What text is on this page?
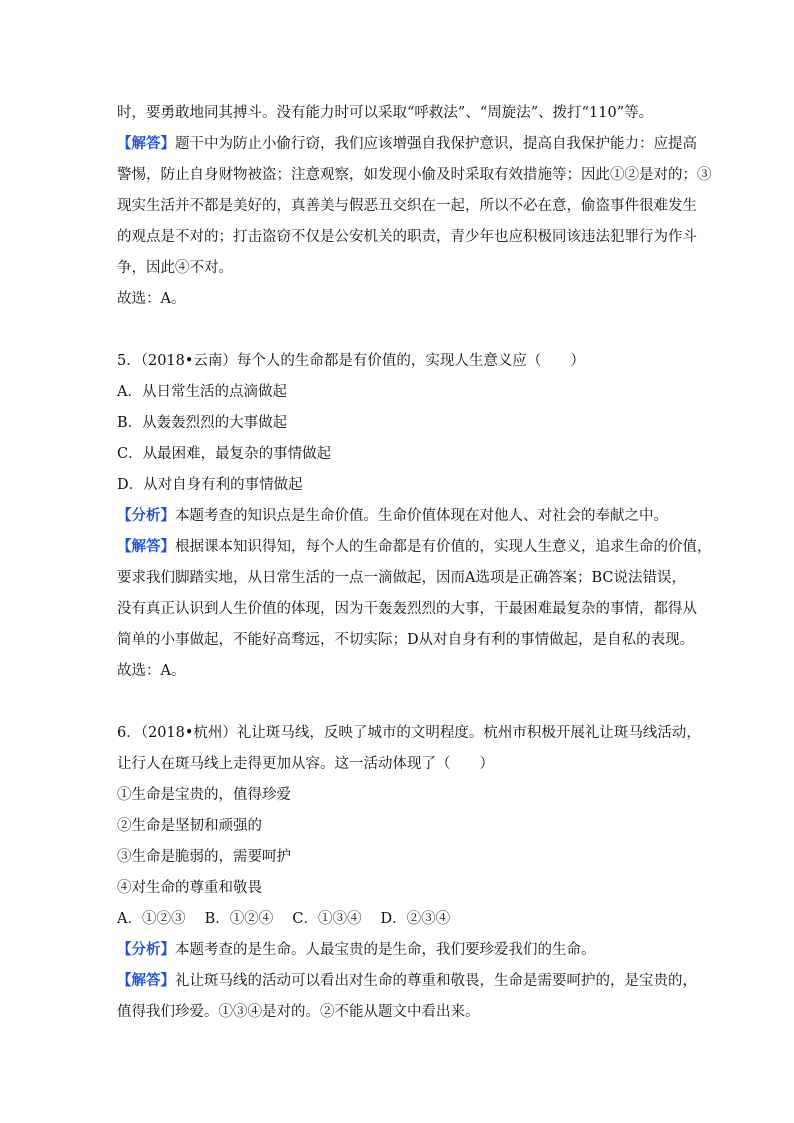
时，要勇敢地同其搏斗。没有能力时可以采取“呼救法”、“周旋法”、拨打“110”等。
【解答】题干中为防止小偷行窃，我们应该增强自我保护意识，提高自我保护能力：应提高
警惕，防止自身财物被盗；注意观察，如发现小偷及时采取有效措施等；因此①②是对的；③
现实生活并不都是美好的，真善美与假恶丑交织在一起，所以不必在意，偷盗事件很难发生
的观点是不对的；打击盗窃不仅是公安机关的职责，青少年也应积极同该违法犯罪行为作斗
争，因此④不对。
故选：A。
5．（2018•云南）每个人的生命都是有价值的，实现人生意义应（　　）
A．从日常生活的点滴做起
B．从轰轰烈烈的大事做起
C．从最困难，最复杂的事情做起
D．从对自身有利的事情做起
【分析】本题考查的知识点是生命价值。生命价值体现在对他人、对社会的奉献之中。
【解答】根据课本知识得知，每个人的生命都是有价值的，实现人生意义，追求生命的价值，
要求我们脚踏实地，从日常生活的一点一滴做起，因而A选项是正确答案；BC说法错误，
没有真正认识到人生价值的体现，因为干轰轰烈烈的大事，干最困难最复杂的事情，都得从
简单的小事做起，不能好高骛远，不切实际；D从对自身有利的事情做起，是自私的表现。
故选：A。
6．（2018•杭州）礼让斑马线，反映了城市的文明程度。杭州市积极开展礼让斑马线活动，
让行人在斑马线上走得更加从容。这一活动体现了（　　）
①生命是宝贵的，值得珍爱
②生命是坚韧和顽强的
③生命是脆弱的，需要呵护
④对生命的尊重和敬畏
A．①②③　 B．①②④　 C．①③④　 D．②③④
【分析】本题考查的是生命。人最宝贵的是生命，我们要珍爱我们的生命。
【解答】礼让斑马线的活动可以看出对生命的尊重和敬畏，生命是需要呵护的，是宝贵的，
值得我们珍爱。①③④是对的。②不能从题文中看出来。
